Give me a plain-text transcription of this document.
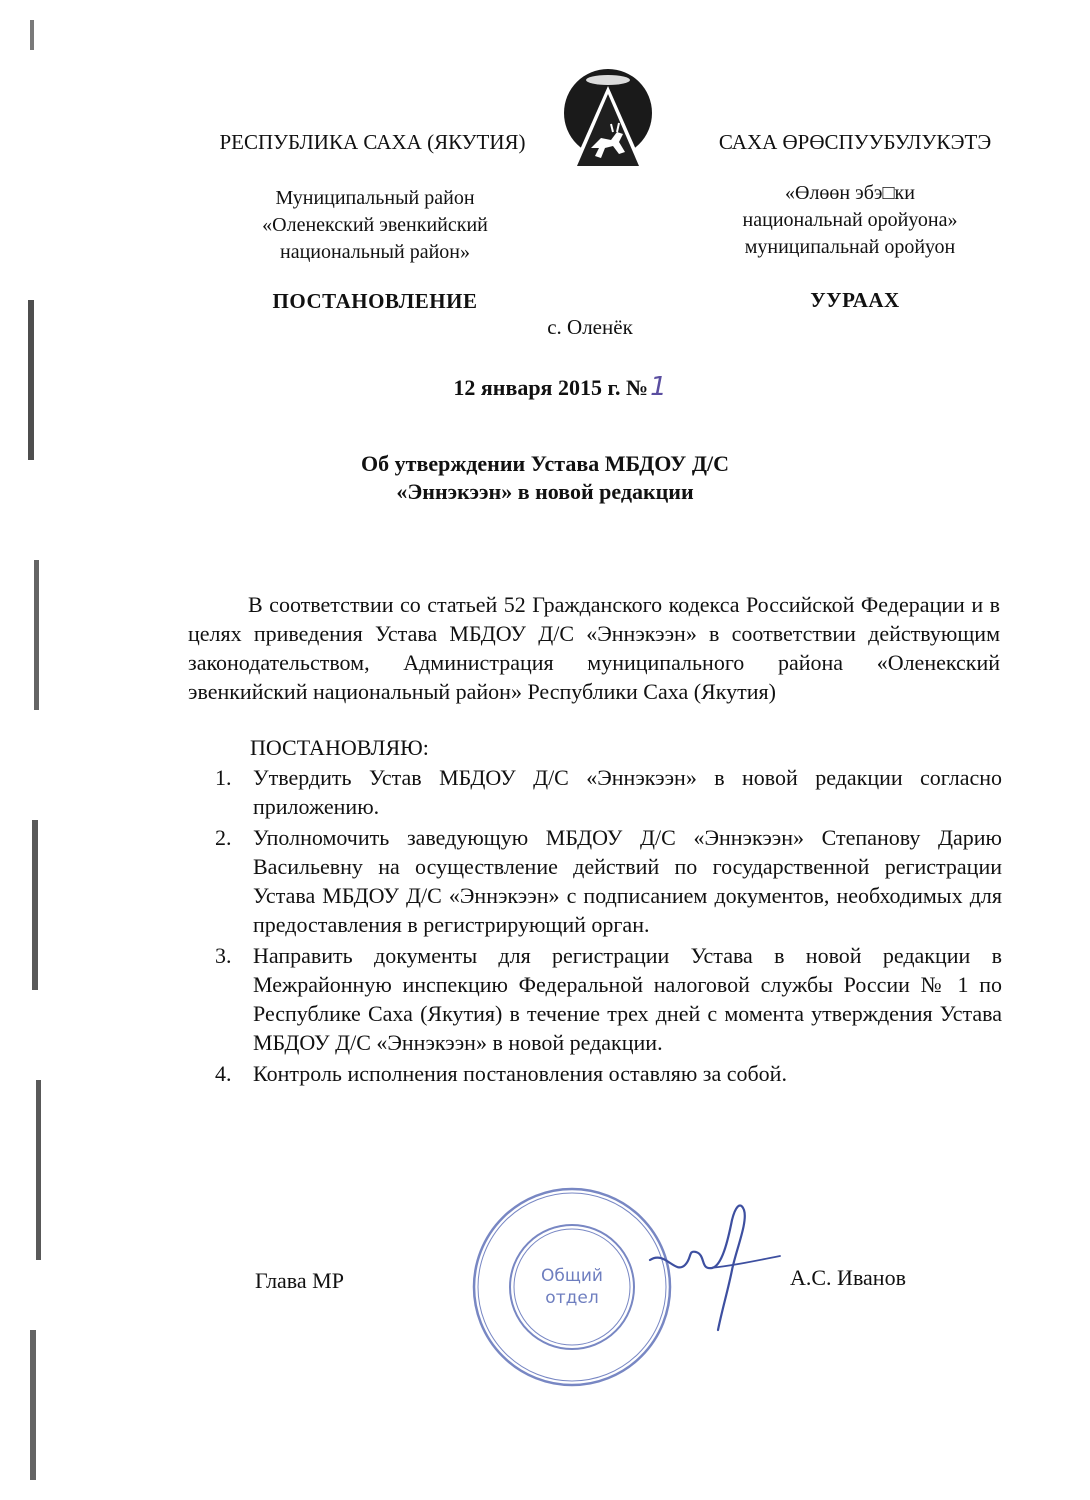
РЕСПУБЛИКА САХА (ЯКУТИЯ)	САХА ӨРӨСПУУБУЛУКЭТЭ
Муниципальный район
«Оленекский эвенкийский
национальный район»
«Өлөөн эбэ□ки
национальнай оройуона»
муниципальнай оройуон
ПОСТАНОВЛЕНИЕ	УУРААХ
с. Оленёк
12 января 2015 г. №1
Об утверждении Устава МБДОУ Д/С
«Эннэкээн» в новой редакции

В соответствии со статьей 52 Гражданского кодекса Российской Федерации и в целях приведения Устава МБДОУ Д/С «Эннэкээн» в соответствии действующим законодательством, Администрация муниципального района «Оленекский эвенкийский национальный район» Республики Саха (Якутия)

ПОСТАНОВЛЯЮ:
1. Утвердить Устав МБДОУ Д/С «Эннэкээн» в новой редакции согласно приложению.
2. Уполномочить заведующую МБДОУ Д/С «Эннэкээн» Степанову Дарию Васильевну на осуществление действий по государственной регистрации Устава МБДОУ Д/С «Эннэкээн» с подписанием документов, необходимых для предоставления в регистрирующий орган.
3. Направить документы для регистрации Устава в новой редакции в Межрайонную инспекцию Федеральной налоговой службы России № 1 по Республике Саха (Якутия) в течение трех дней с момента утверждения Устава МБДОУ Д/С «Эннэкээн» в новой редакции.
4. Контроль исполнения постановления оставляю за собой.
Глава МР	А.С. Иванов
Общий
отдел
